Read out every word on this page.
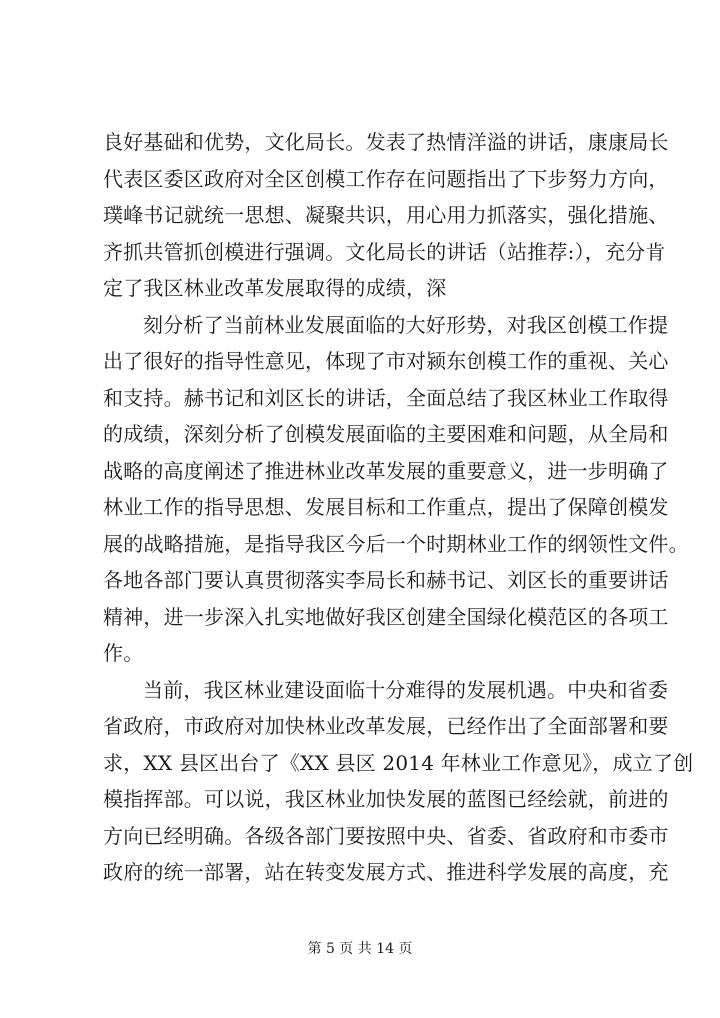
良好基础和优势，文化局长。发表了热情洋溢的讲话，康康局长
代表区委区政府对全区创模工作存在问题指出了下步努力方向，
璞峰书记就统一思想、凝聚共识，用心用力抓落实，强化措施、
齐抓共管抓创模进行强调。文化局长的讲话（站推荐:），充分肯
定了我区林业改革发展取得的成绩，深
刻分析了当前林业发展面临的大好形势，对我区创模工作提
出了很好的指导性意见，体现了市对颍东创模工作的重视、关心
和支持。赫书记和刘区长的讲话，全面总结了我区林业工作取得
的成绩，深刻分析了创模发展面临的主要困难和问题，从全局和
战略的高度阐述了推进林业改革发展的重要意义，进一步明确了
林业工作的指导思想、发展目标和工作重点，提出了保障创模发
展的战略措施，是指导我区今后一个时期林业工作的纲领性文件。
各地各部门要认真贯彻落实李局长和赫书记、刘区长的重要讲话
精神，进一步深入扎实地做好我区创建全国绿化模范区的各项工
作。
当前，我区林业建设面临十分难得的发展机遇。中央和省委
省政府，市政府对加快林业改革发展，已经作出了全面部署和要
求，XX 县区出台了《XX 县区 2014 年林业工作意见》，成立了创
模指挥部。可以说，我区林业加快发展的蓝图已经绘就，前进的
方向已经明确。各级各部门要按照中央、省委、省政府和市委市
政府的统一部署，站在转变发展方式、推进科学发展的高度，充
第 5 页 共 14 页
